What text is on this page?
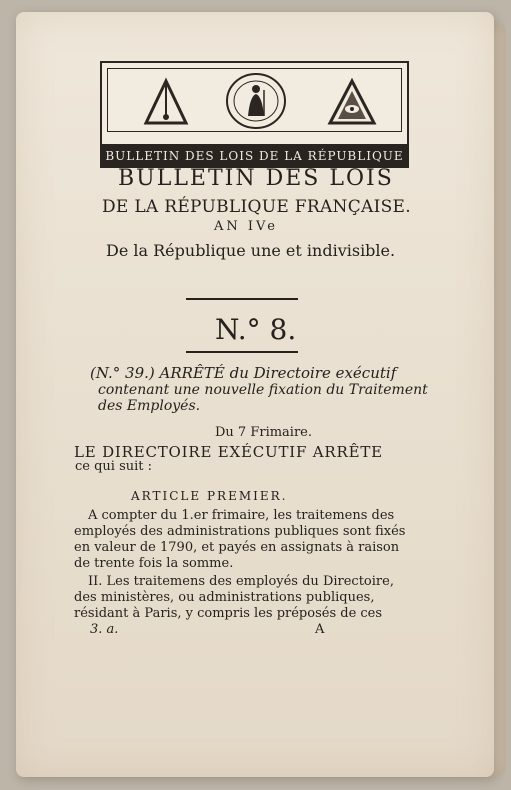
BULLETIN DES LOIS DE LA RÉPUBLIQUE
BULLETIN DES LOIS
DE LA RÉPUBLIQUE FRANÇAISE.
AN IVe
De la République une et indivisible.
N.° 8.
(N.° 39.) ARRÊTÉ du Directoire exécutif
contenant une nouvelle fixation du Traitement
des Employés.
Du 7 Frimaire.
LE DIRECTOIRE EXÉCUTIF ARRÊTE
ce qui suit :
ARTICLE PREMIER.
A compter du 1.er frimaire, les traitemens des
employés des administrations publiques sont fixés
en valeur de 1790, et payés en assignats à raison
de trente fois la somme.
II. Les traitemens des employés du Directoire,
des ministères, ou administrations publiques,
résidant à Paris, y compris les préposés de ces
3. a.	A
